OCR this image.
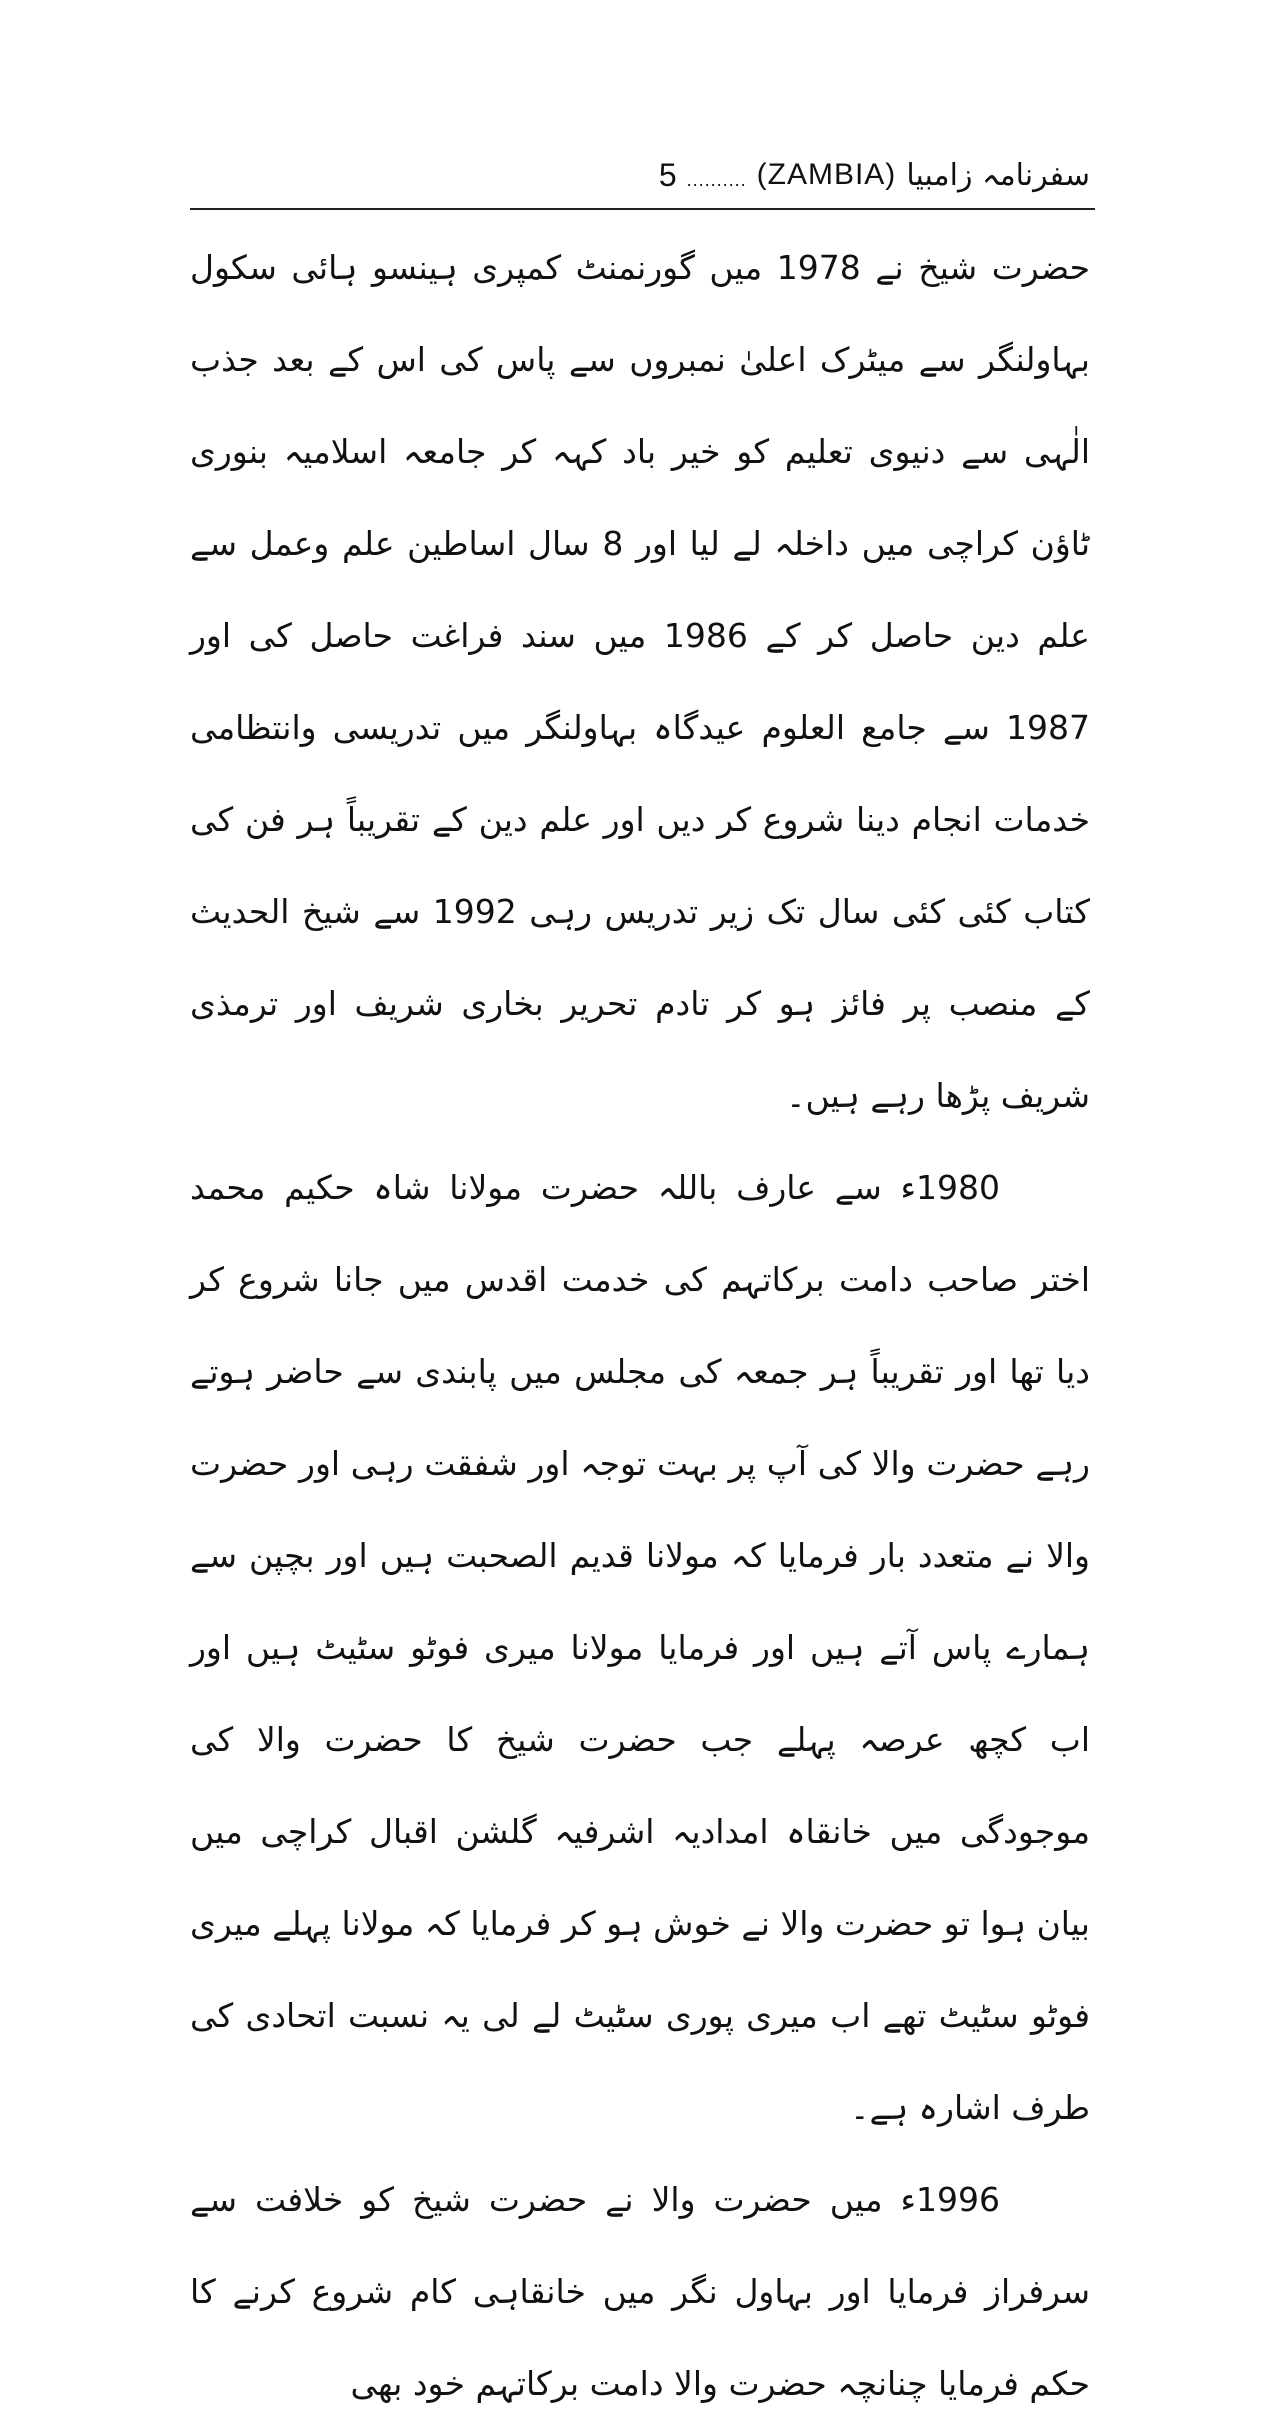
سفرنامہ زامبیا
(ZAMBIA)
..........
5

حضرت شیخ نے 1978 میں گورنمنٹ کمپری ہینسو ہائی سکول بہاولنگر سے میٹرک اعلیٰ نمبروں سے پاس کی اس کے بعد جذب الٰہی سے دنیوی تعلیم کو خیر باد کہہ کر جامعہ اسلامیہ بنوری ٹاؤن کراچی میں داخلہ لے لیا اور 8 سال اساطین علم وعمل سے علم دین حاصل کر کے 1986 میں سند فراغت حاصل کی اور 1987 سے جامع العلوم عیدگاہ بہاولنگر میں تدریسی وانتظامی خدمات انجام دینا شروع کر دیں اور علم دین کے تقریباً ہر فن کی کتاب کئی کئی سال تک زیر تدریس رہی 1992 سے شیخ الحدیث کے منصب پر فائز ہو کر تادم تحریر بخاری شریف اور ترمذی شریف پڑھا رہے ہیں۔

1980ء سے عارف باللہ حضرت مولانا شاہ حکیم محمد اختر صاحب دامت برکاتہم کی خدمت اقدس میں جانا شروع کر دیا تھا اور تقریباً ہر جمعہ کی مجلس میں پابندی سے حاضر ہوتے رہے حضرت والا کی آپ پر بہت توجہ اور شفقت رہی اور حضرت والا نے متعدد بار فرمایا کہ مولانا قدیم الصحبت ہیں اور بچپن سے ہمارے پاس آتے ہیں اور فرمایا مولانا میری فوٹو سٹیٹ ہیں اور اب کچھ عرصہ پہلے جب حضرت شیخ کا حضرت والا کی موجودگی میں خانقاہ امدادیہ اشرفیہ گلشن اقبال کراچی میں بیان ہوا تو حضرت والا نے خوش ہو کر فرمایا کہ مولانا پہلے میری فوٹو سٹیٹ تھے اب میری پوری سٹیٹ لے لی یہ نسبت اتحادی کی طرف اشارہ ہے۔

1996ء میں حضرت والا نے حضرت شیخ کو خلافت سے سرفراز فرمایا اور بہاول نگر میں خانقاہی کام شروع کرنے کا حکم فرمایا چنانچہ حضرت والا دامت برکاتہم خود بھی
